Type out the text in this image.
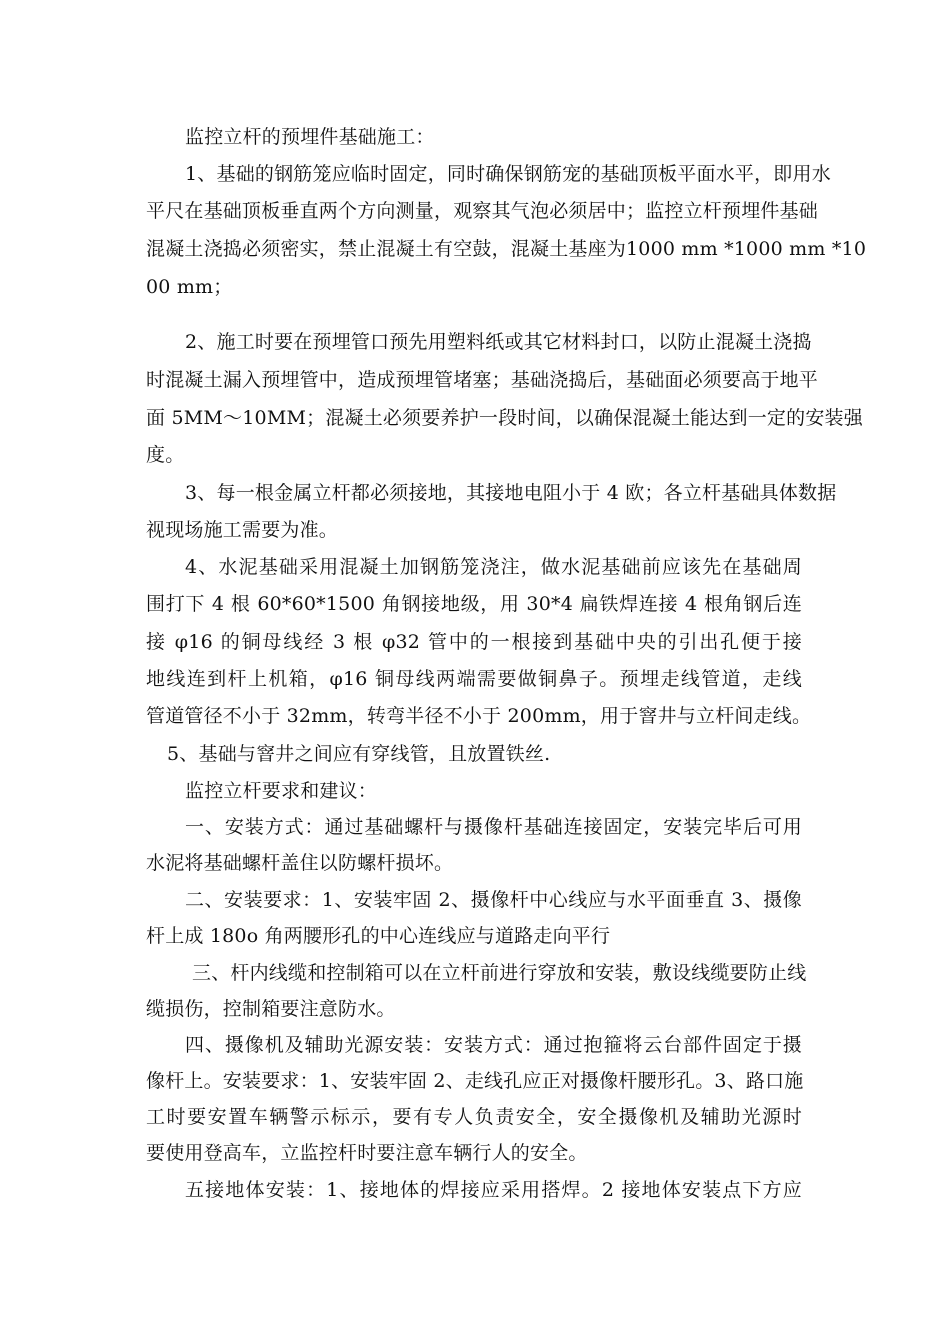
监控立杆的预埋件基础施工：
1、基础的钢筋笼应临时固定，同时确保钢筋宠的基础顶板平面水平，即用水
平尺在基础顶板垂直两个方向测量，观察其气泡必须居中；监控立杆预埋件基础
混凝土浇捣必须密实，禁止混凝土有空鼓，混凝土基座为1000 mm *1000 mm *10
00 mm；
2、施工时要在预埋管口预先用塑料纸或其它材料封口，以防止混凝土浇捣
时混凝土漏入预埋管中，造成预埋管堵塞；基础浇捣后，基础面必须要高于地平
面 5MM～10MM；混凝土必须要养护一段时间，以确保混凝土能达到一定的安装强
度。
3、每一根金属立杆都必须接地，其接地电阻小于 4 欧；各立杆基础具体数据
视现场施工需要为准。
4、水泥基础采用混凝土加钢筋笼浇注，做水泥基础前应该先在基础周
围打下 4 根 60*60*1500 角钢接地级，用 30*4 扁铁焊连接 4 根角钢后连
接 φ16 的铜母线经 3 根 φ32 管中的一根接到基础中央的引出孔便于接
地线连到杆上机箱，φ16 铜母线两端需要做铜鼻子。预埋走线管道，走线
管道管径不小于 32mm，转弯半径不小于 200mm，用于窨井与立杆间走线。
5、基础与窨井之间应有穿线管，且放置铁丝.
监控立杆要求和建议：
一、安装方式：通过基础螺杆与摄像杆基础连接固定，安装完毕后可用
水泥将基础螺杆盖住以防螺杆损坏。
二、安装要求：1、安装牢固 2、摄像杆中心线应与水平面垂直 3、摄像
杆上成 180o 角两腰形孔的中心连线应与道路走向平行
三、杆内线缆和控制箱可以在立杆前进行穿放和安装，敷设线缆要防止线
缆损伤，控制箱要注意防水。
四、摄像机及辅助光源安装：安装方式：通过抱箍将云台部件固定于摄
像杆上。安装要求：1、安装牢固 2、走线孔应正对摄像杆腰形孔。3、路口施
工时要安置车辆警示标示，要有专人负责安全，安全摄像机及辅助光源时
要使用登高车，立监控杆时要注意车辆行人的安全。
五接地体安装：1、接地体的焊接应采用搭焊。2 接地体安装点下方应
